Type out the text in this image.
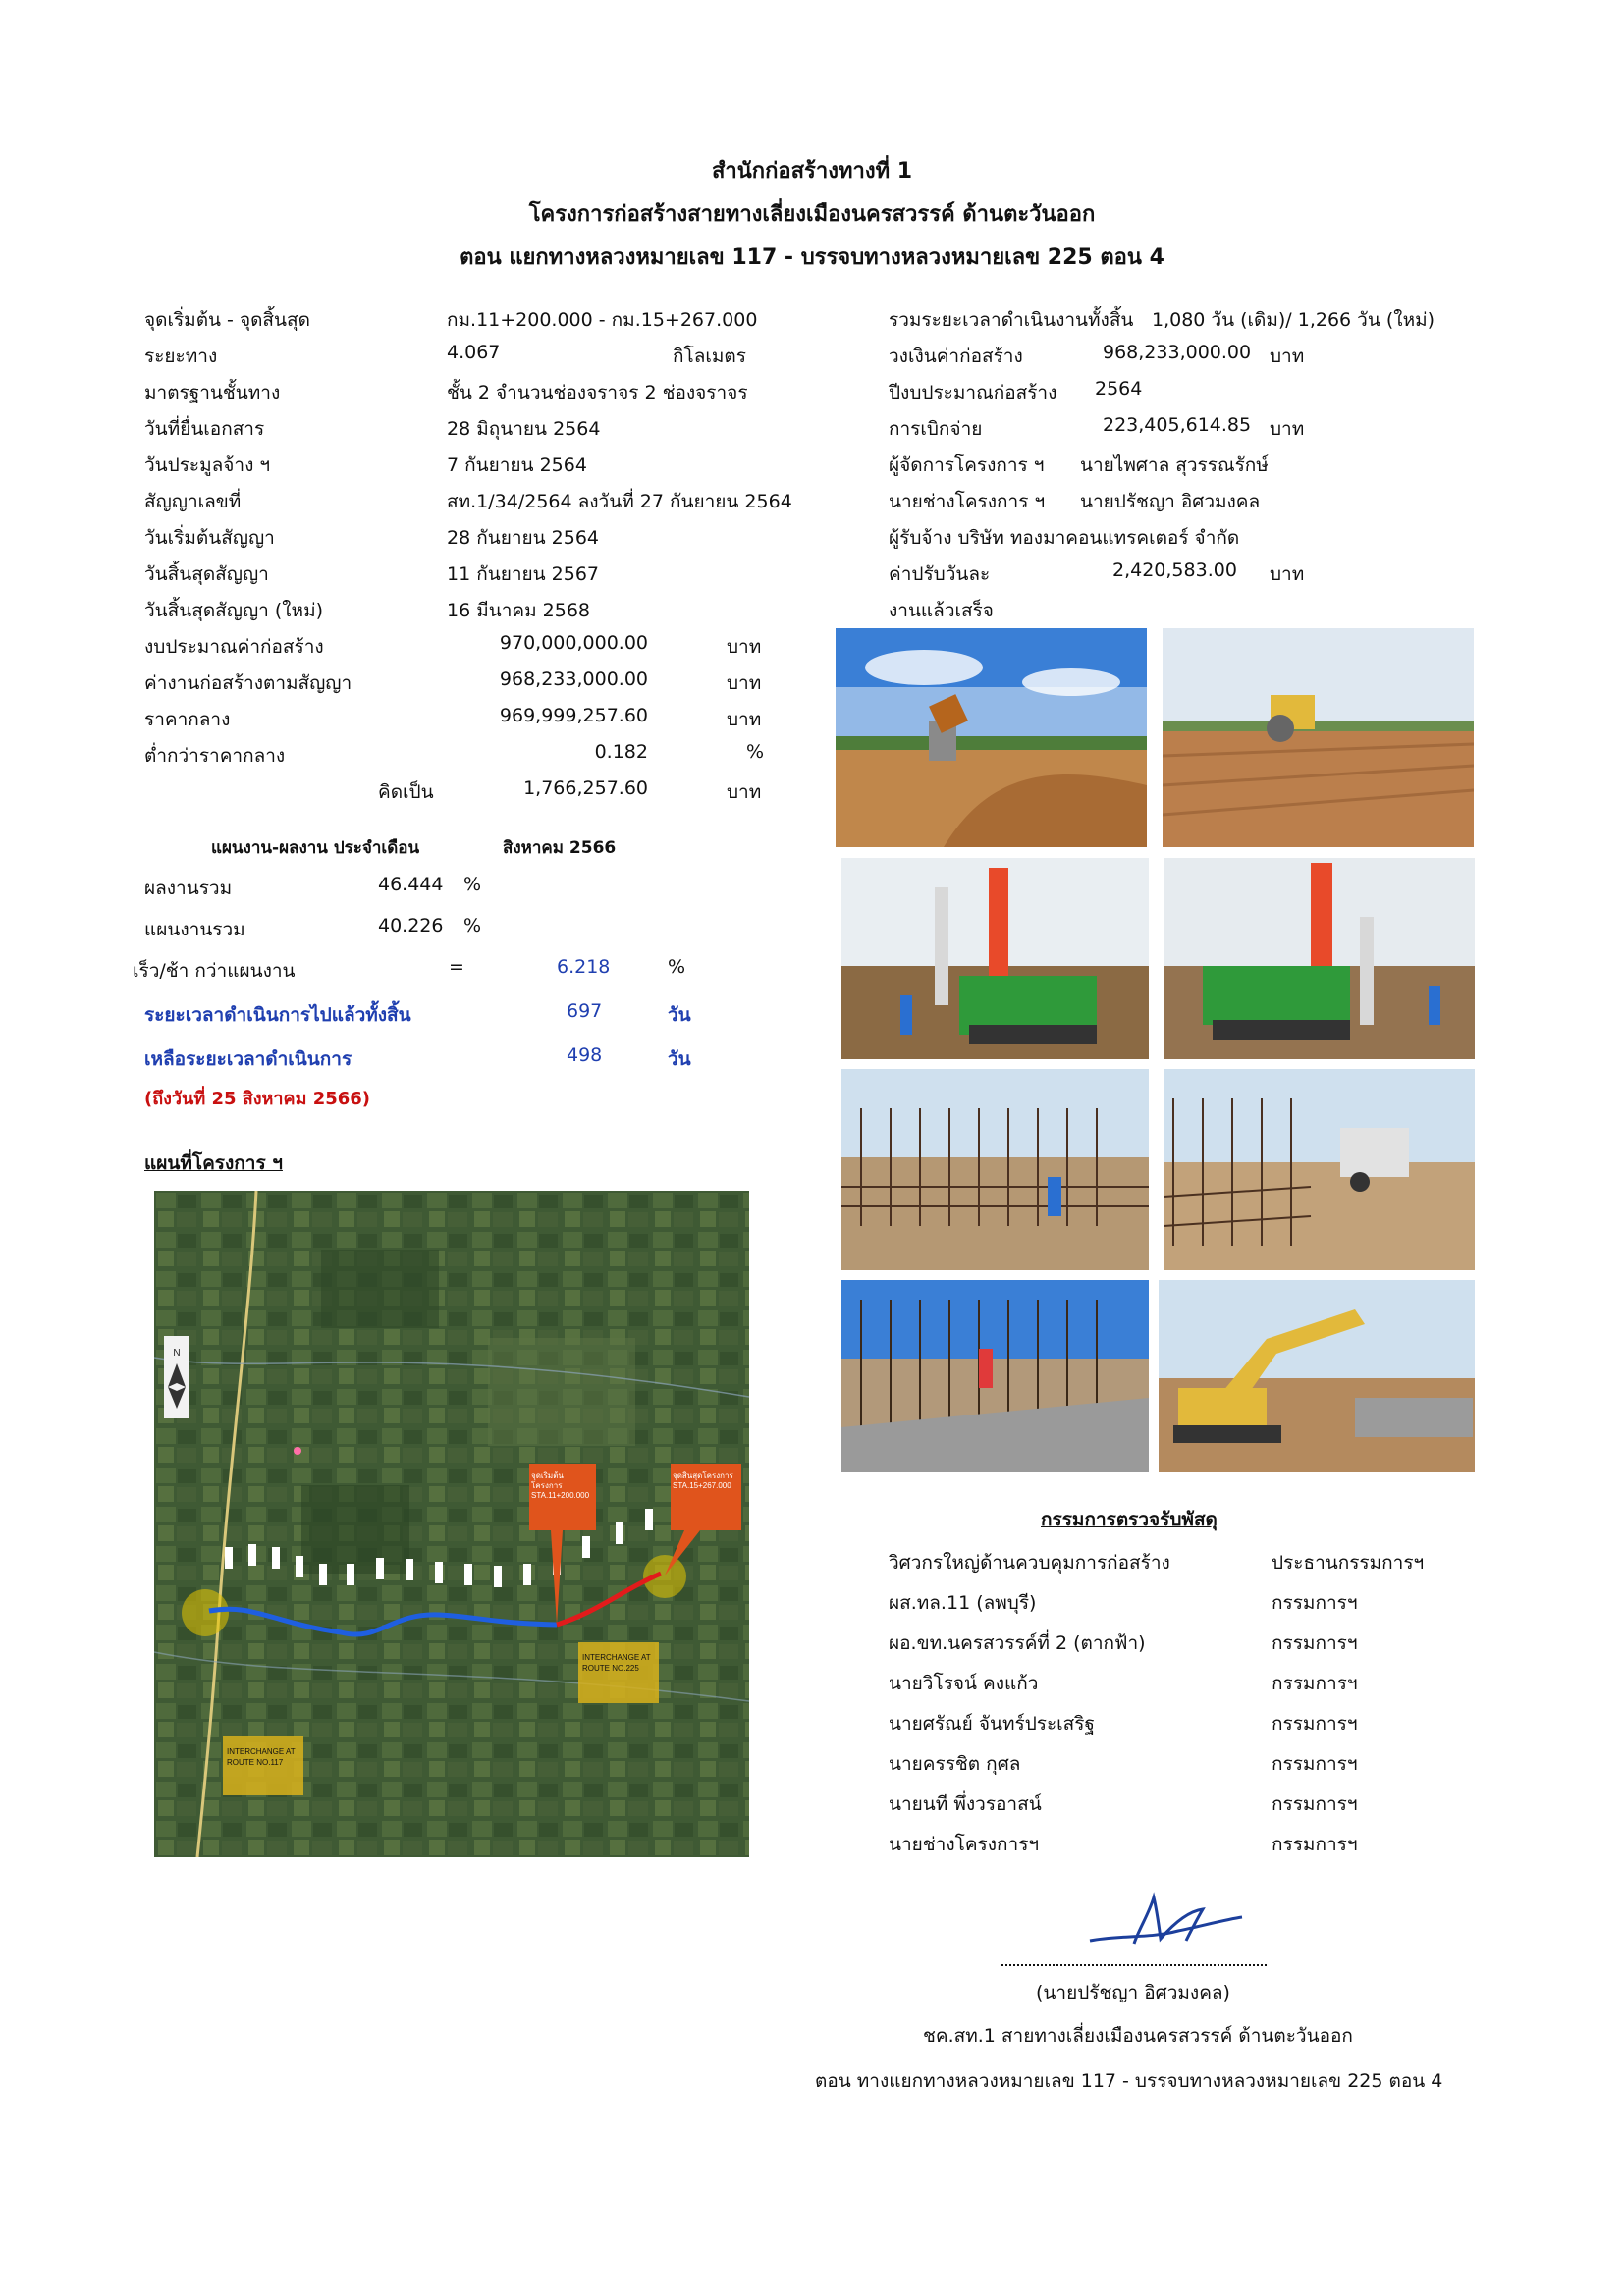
สำนักก่อสร้างทางที่ 1
โครงการก่อสร้างสายทางเลี่ยงเมืองนครสวรรค์ ด้านตะวันออก
ตอน แยกทางหลวงหมายเลข 117 - บรรจบทางหลวงหมายเลข 225 ตอน 4
จุดเริ่มต้น - จุดสิ้นสุด	กม.11+200.000 - กม.15+267.000
ระยะทาง	4.067	กิโลเมตร
มาตรฐานชั้นทาง	ชั้น 2 จำนวนช่องจราจร 2 ช่องจราจร
วันที่ยื่นเอกสาร	28 มิถุนายน 2564
วันประมูลจ้าง ฯ	7 กันยายน 2564
สัญญาเลขที่	สท.1/34/2564 ลงวันที่ 27 กันยายน 2564
วันเริ่มต้นสัญญา	28 กันยายน 2564
วันสิ้นสุดสัญญา	11 กันยายน 2567
วันสิ้นสุดสัญญา (ใหม่)	16 มีนาคม 2568
งบประมาณค่าก่อสร้าง	970,000,000.00	บาท
ค่างานก่อสร้างตามสัญญา	968,233,000.00	บาท
ราคากลาง	969,999,257.60	บาท
ต่ำกว่าราคากลาง	0.182	%
คิดเป็น	1,766,257.60	บาท
รวมระยะเวลาดำเนินงานทั้งสิ้น 1,080 วัน (เดิม)/ 1,266 วัน (ใหม่)
วงเงินค่าก่อสร้าง	968,233,000.00 บาท
ปีงบประมาณก่อสร้าง 2564
การเบิกจ่าย	223,405,614.85 บาท
ผู้จัดการโครงการ ฯ นายไพศาล สุวรรณรักษ์
นายช่างโครงการ ฯ นายปรัชญา อิศวมงคล
ผู้รับจ้าง บริษัท ทองมาคอนแทรคเตอร์ จำกัด
ค่าปรับวันละ	2,420,583.00 บาท
งานแล้วเสร็จ
แผนงาน-ผลงาน ประจำเดือน	สิงหาคม 2566
ผลงานรวม	46.444 %
แผนงานรวม	40.226 %
เร็ว/ช้า กว่าแผนงาน	=	6.218	%
ระยะเวลาดำเนินการไปแล้วทั้งสิ้น	697	วัน
เหลือระยะเวลาดำเนินการ	498	วัน
(ถึงวันที่ 25 สิงหาคม 2566)
แผนที่โครงการ ฯ
N
จุดเริ่มต้นโครงการ STA.11+200.000
จุดสิ้นสุดโครงการ STA.15+267.000
INTERCHANGE AT ROUTE NO.117
INTERCHANGE AT ROUTE NO.225
กรรมการตรวจรับพัสดุ
วิศวกรใหญ่ด้านควบคุมการก่อสร้าง	ประธานกรรมการฯ
ผส.ทล.11 (ลพบุรี)	กรรมการฯ
ผอ.ขท.นครสวรรค์ที่ 2 (ตากฟ้า)	กรรมการฯ
นายวิโรจน์ คงแก้ว	กรรมการฯ
นายศรัณย์ จันทร์ประเสริฐ	กรรมการฯ
นายครรชิต กุศล	กรรมการฯ
นายนที พึ่งวรอาสน์	กรรมการฯ
นายช่างโครงการฯ	กรรมการฯ
(นายปรัชญา อิศวมงคล)
ชค.สท.1 สายทางเลี่ยงเมืองนครสวรรค์ ด้านตะวันออก
ตอน ทางแยกทางหลวงหมายเลข 117 - บรรจบทางหลวงหมายเลข 225 ตอน 4
